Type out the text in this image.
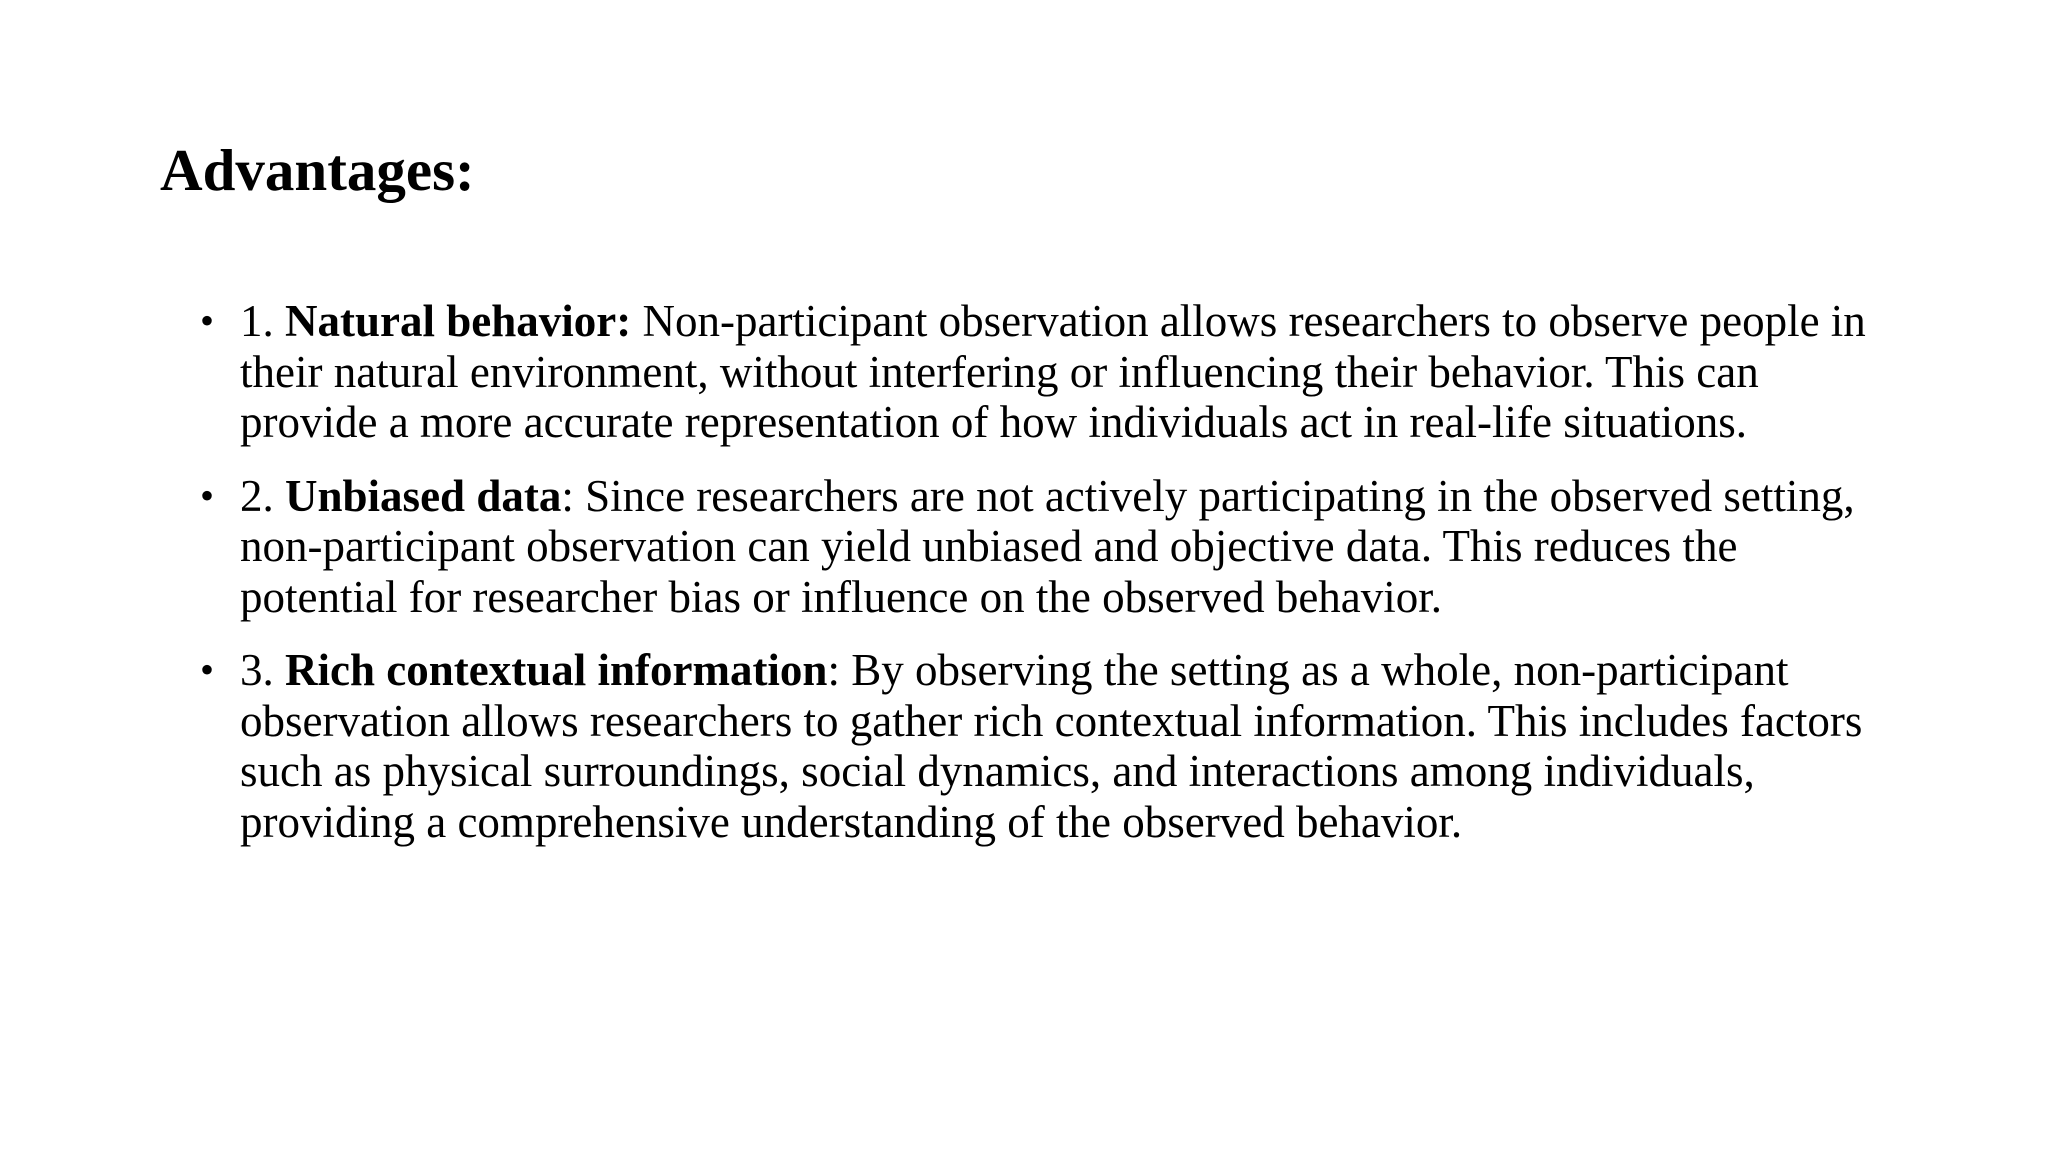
Advantages:
• 1. Natural behavior: Non-participant observation allows researchers to observe people in their natural environment, without interfering or influencing their behavior. This can provide a more accurate representation of how individuals act in real-life situations.
• 2. Unbiased data: Since researchers are not actively participating in the observed setting, non-participant observation can yield unbiased and objective data. This reduces the potential for researcher bias or influence on the observed behavior.
• 3. Rich contextual information: By observing the setting as a whole, non-participant observation allows researchers to gather rich contextual information. This includes factors such as physical surroundings, social dynamics, and interactions among individuals, providing a comprehensive understanding of the observed behavior.
